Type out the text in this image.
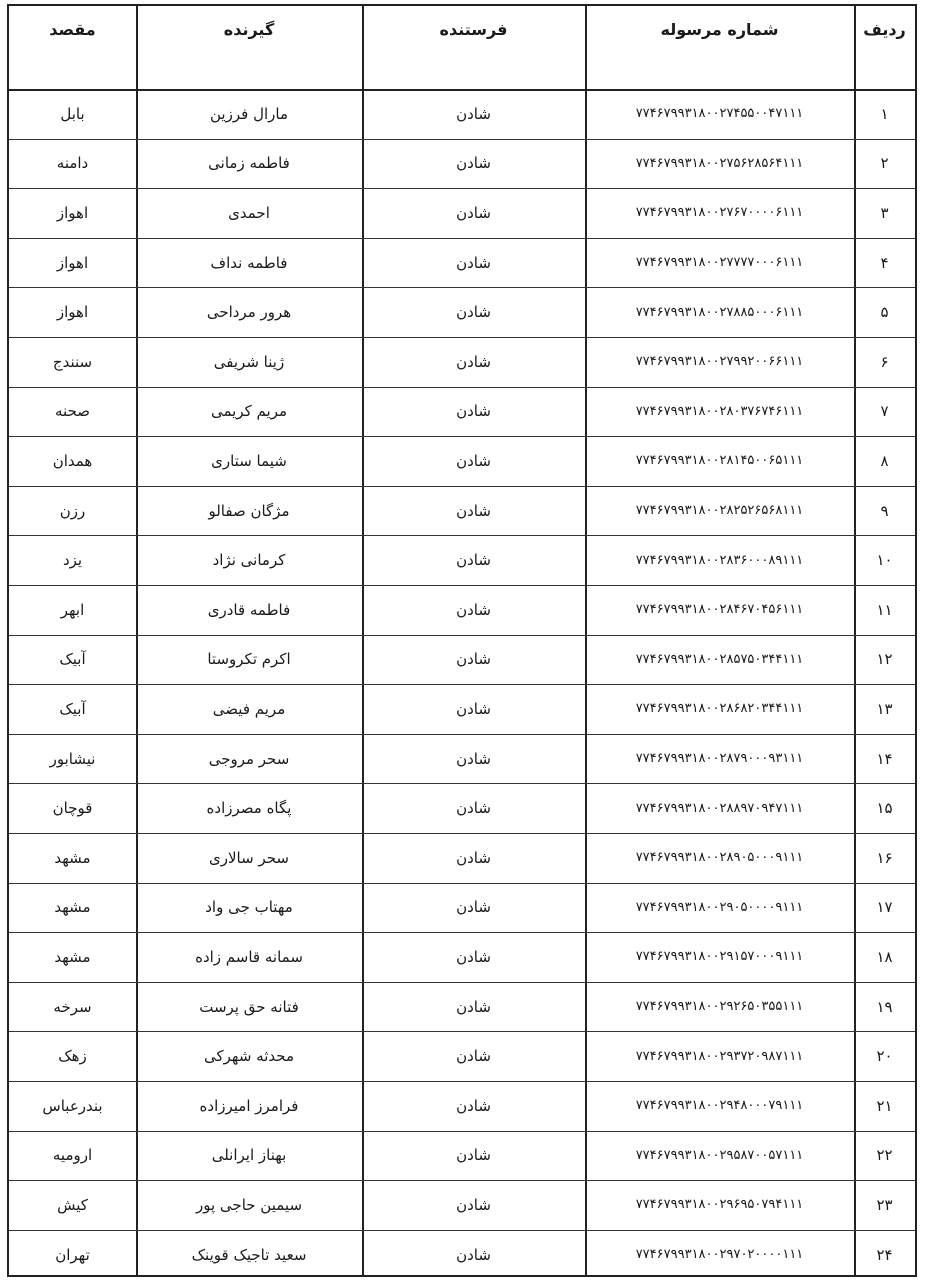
مقصد	گیرنده	فرستنده	شماره مرسوله	ردیف
بابل	مارال فرزین	شادن	۷۷۴۶۷۹۹۳۱۸۰۰۲۷۴۵۵۰۰۴۷۱۱۱	۱
دامنه	فاطمه زمانی	شادن	۷۷۴۶۷۹۹۳۱۸۰۰۲۷۵۶۲۸۵۶۴۱۱۱	۲
اهواز	احمدی	شادن	۷۷۴۶۷۹۹۳۱۸۰۰۲۷۶۷۰۰۰۰۶۱۱۱	۳
اهواز	فاطمه نداف	شادن	۷۷۴۶۷۹۹۳۱۸۰۰۲۷۷۷۷۰۰۰۶۱۱۱	۴
اهواز	هرور مرداحی	شادن	۷۷۴۶۷۹۹۳۱۸۰۰۲۷۸۸۵۰۰۰۶۱۱۱	۵
سنندج	ژینا شریفی	شادن	۷۷۴۶۷۹۹۳۱۸۰۰۲۷۹۹۲۰۰۶۶۱۱۱	۶
صحنه	مریم کریمی	شادن	۷۷۴۶۷۹۹۳۱۸۰۰۲۸۰۳۷۶۷۴۶۱۱۱	۷
همدان	شیما ستاری	شادن	۷۷۴۶۷۹۹۳۱۸۰۰۲۸۱۴۵۰۰۶۵۱۱۱	۸
رزن	مژگان صفالو	شادن	۷۷۴۶۷۹۹۳۱۸۰۰۲۸۲۵۲۶۵۶۸۱۱۱	۹
یزد	کرمانی نژاد	شادن	۷۷۴۶۷۹۹۳۱۸۰۰۲۸۳۶۰۰۰۸۹۱۱۱	۱۰
ابهر	فاطمه قادری	شادن	۷۷۴۶۷۹۹۳۱۸۰۰۲۸۴۶۷۰۴۵۶۱۱۱	۱۱
آبیک	اکرم تکروستا	شادن	۷۷۴۶۷۹۹۳۱۸۰۰۲۸۵۷۵۰۳۴۴۱۱۱	۱۲
آبیک	مریم فیضی	شادن	۷۷۴۶۷۹۹۳۱۸۰۰۲۸۶۸۲۰۳۴۴۱۱۱	۱۳
نیشابور	سحر مروجی	شادن	۷۷۴۶۷۹۹۳۱۸۰۰۲۸۷۹۰۰۰۹۳۱۱۱	۱۴
قوچان	پگاه مصرزاده	شادن	۷۷۴۶۷۹۹۳۱۸۰۰۲۸۸۹۷۰۹۴۷۱۱۱	۱۵
مشهد	سحر سالاری	شادن	۷۷۴۶۷۹۹۳۱۸۰۰۲۸۹۰۵۰۰۰۹۱۱۱	۱۶
مشهد	مهتاب جی واد	شادن	۷۷۴۶۷۹۹۳۱۸۰۰۲۹۰۵۰۰۰۰۹۱۱۱	۱۷
مشهد	سمانه قاسم زاده	شادن	۷۷۴۶۷۹۹۳۱۸۰۰۲۹۱۵۷۰۰۰۹۱۱۱	۱۸
سرخه	فتانه حق پرست	شادن	۷۷۴۶۷۹۹۳۱۸۰۰۲۹۲۶۵۰۳۵۵۱۱۱	۱۹
زهک	محدثه شهرکی	شادن	۷۷۴۶۷۹۹۳۱۸۰۰۲۹۳۷۲۰۹۸۷۱۱۱	۲۰
بندرعباس	فرامرز امیرزاده	شادن	۷۷۴۶۷۹۹۳۱۸۰۰۲۹۴۸۰۰۰۷۹۱۱۱	۲۱
ارومیه	بهناز ایرانلی	شادن	۷۷۴۶۷۹۹۳۱۸۰۰۲۹۵۸۷۰۰۵۷۱۱۱	۲۲
کیش	سیمین حاجی پور	شادن	۷۷۴۶۷۹۹۳۱۸۰۰۲۹۶۹۵۰۷۹۴۱۱۱	۲۳
تهران	سعید تاجیک قوینک	شادن	۷۷۴۶۷۹۹۳۱۸۰۰۲۹۷۰۲۰۰۰۰۱۱۱	۲۴
